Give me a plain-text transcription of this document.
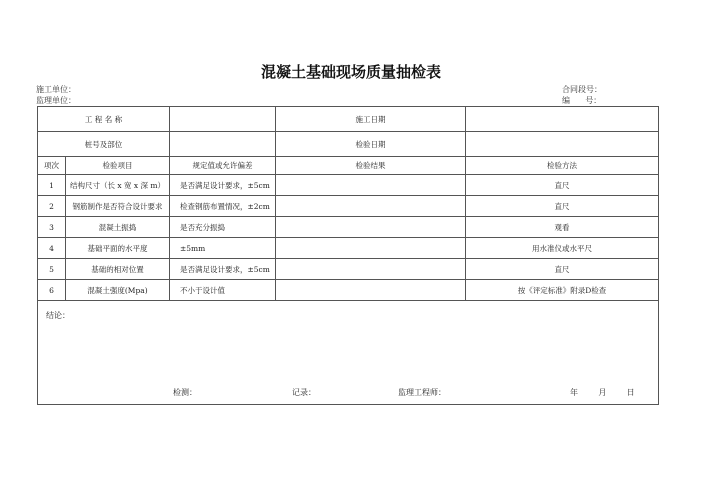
混凝土基础现场质量抽检表
施工单位：
监理单位：
合同段号：
编      号：
工 程 名 称			施工日期	
桩号及部位			检验日期	
项次	检验项目	规定值或允许偏差	检验结果	检验方法
1	结构尺寸（长 x 宽 x 深 m）	是否满足设计要求，±5cm		直尺
2	钢筋制作是否符合设计要求	检查钢筋布置情况，±2cm		直尺
3	混凝土振捣	是否充分振捣		观看
4	基础平面的水平度	±5mm		用水准仪或水平尺
5	基础的相对位置	是否满足设计要求，±5cm		直尺
6	混凝土强度(Mpa)	不小于设计值		按《评定标准》附录D检查

结论：
检测： 记录： 监理工程师： 年        月        日				
